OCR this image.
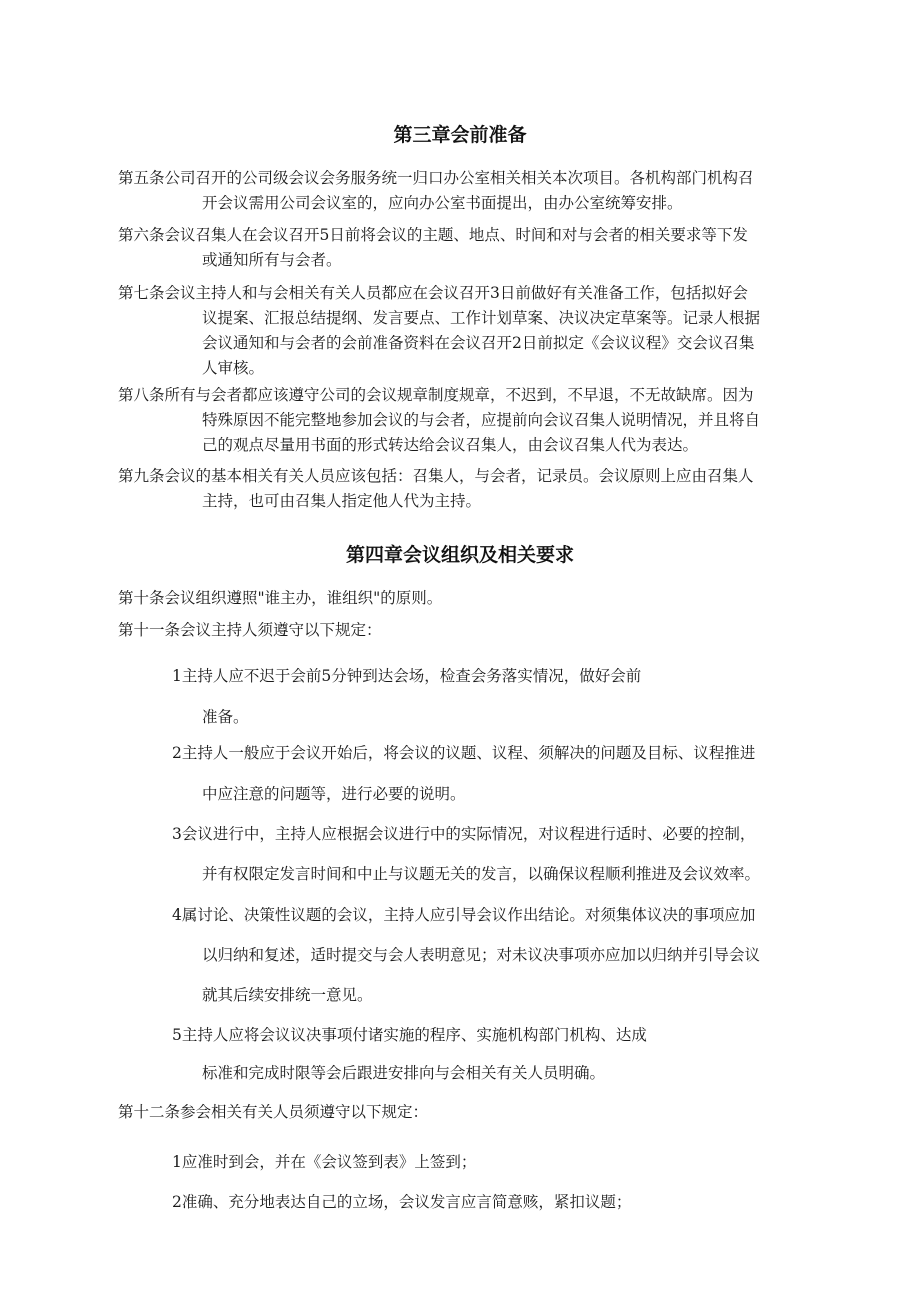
第三章会前准备
第五条公司召开的公司级会议会务服务统一归口办公室相关相关本次项目。各机构部门机构召
开会议需用公司会议室的，应向办公室书面提出，由办公室统筹安排。
第六条会议召集人在会议召开5日前将会议的主题、地点、时间和对与会者的相关要求等下发
或通知所有与会者。
第七条会议主持人和与会相关有关人员都应在会议召开3日前做好有关准备工作，包括拟好会
议提案、汇报总结提纲、发言要点、工作计划草案、决议决定草案等。记录人根据
会议通知和与会者的会前准备资料在会议召开2日前拟定《会议议程》交会议召集
人审核。
第八条所有与会者都应该遵守公司的会议规章制度规章，不迟到，不早退，不无故缺席。因为
特殊原因不能完整地参加会议的与会者，应提前向会议召集人说明情况，并且将自
己的观点尽量用书面的形式转达给会议召集人，由会议召集人代为表达。
第九条会议的基本相关有关人员应该包括：召集人，与会者，记录员。会议原则上应由召集人
主持，也可由召集人指定他人代为主持。
第四章会议组织及相关要求
第十条会议组织遵照"谁主办，谁组织"的原则。
第十一条会议主持人须遵守以下规定：
1主持人应不迟于会前5分钟到达会场，检查会务落实情况，做好会前
准备。
2主持人一般应于会议开始后，将会议的议题、议程、须解决的问题及目标、议程推进
中应注意的问题等，进行必要的说明。
3会议进行中，主持人应根据会议进行中的实际情况，对议程进行适时、必要的控制，
并有权限定发言时间和中止与议题无关的发言，以确保议程顺利推进及会议效率。
4属讨论、决策性议题的会议，主持人应引导会议作出结论。对须集体议决的事项应加
以归纳和复述，适时提交与会人表明意见；对未议决事项亦应加以归纳并引导会议
就其后续安排统一意见。
5主持人应将会议议决事项付诸实施的程序、实施机构部门机构、达成
标准和完成时限等会后跟进安排向与会相关有关人员明确。
第十二条参会相关有关人员须遵守以下规定：
1应准时到会，并在《会议签到表》上签到；
2准确、充分地表达自己的立场，会议发言应言简意赅，紧扣议题；
